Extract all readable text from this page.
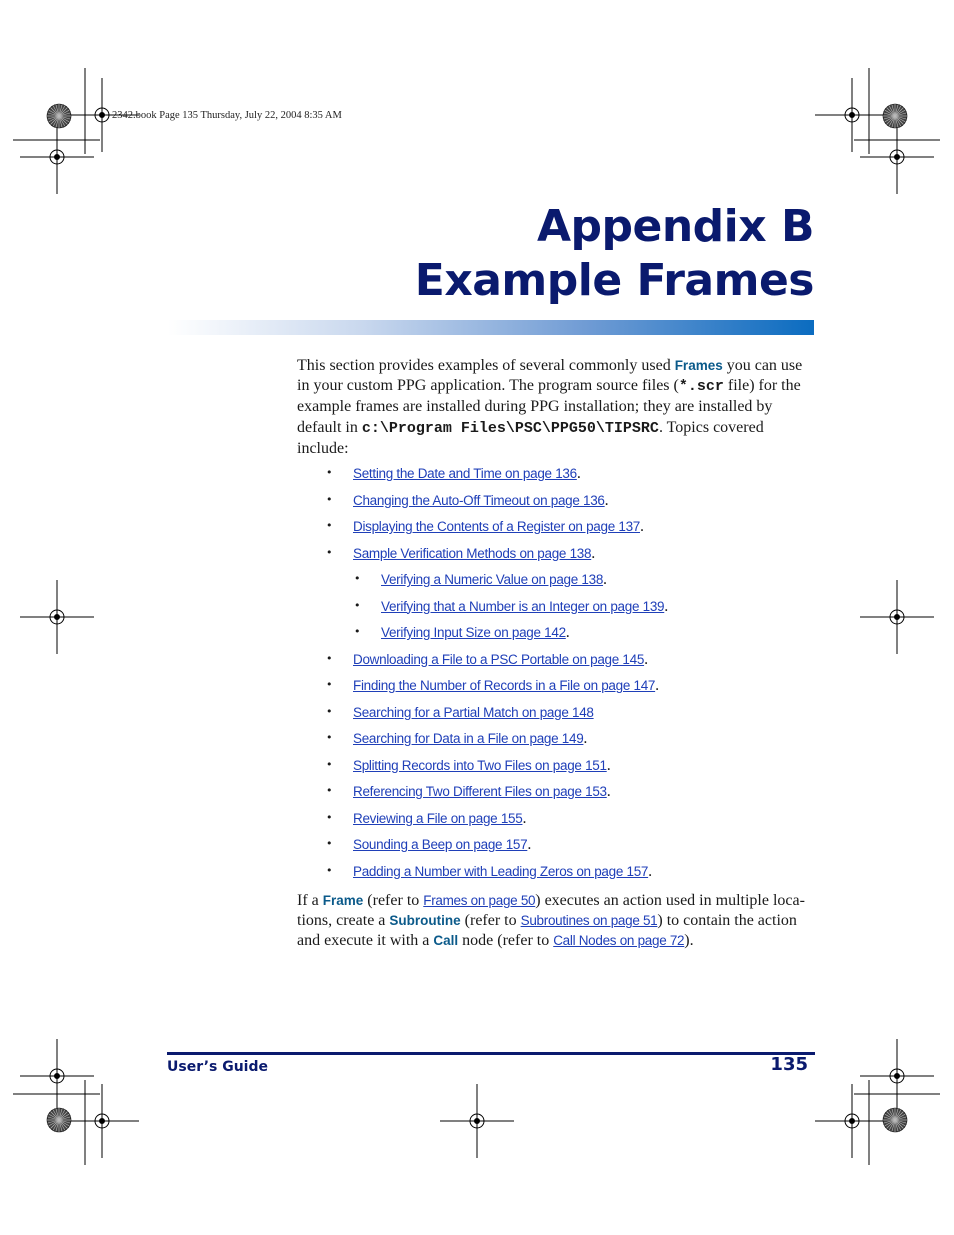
2342.book Page 135 Thursday, July 22, 2004 8:35 AM
Appendix B
Example Frames

This section provides examples of several commonly used Frames you can use in your custom PPG application. The program source files (*.scr file) for the example frames are installed during PPG installation; they are installed by default in c:\Program Files\PSC\PPG50\TIPSRC. Topics covered include:

• Setting the Date and Time on page 136.
• Changing the Auto-Off Timeout on page 136.
• Displaying the Contents of a Register on page 137.
• Sample Verification Methods on page 138.
• Verifying a Numeric Value on page 138.
• Verifying that a Number is an Integer on page 139.
• Verifying Input Size on page 142.
• Downloading a File to a PSC Portable on page 145.
• Finding the Number of Records in a File on page 147.
• Searching for a Partial Match on page 148
• Searching for Data in a File on page 149.
• Splitting Records into Two Files on page 151.
• Referencing Two Different Files on page 153.
• Reviewing a File on page 155.
• Sounding a Beep on page 157.
• Padding a Number with Leading Zeros on page 157.
If a Frame (refer to Frames on page 50) executes an action used in multiple loca-tions, create a Subroutine (refer to Subroutines on page 51) to contain the action and execute it with a Call node (refer to Call Nodes on page 72).
User’s Guide	135
